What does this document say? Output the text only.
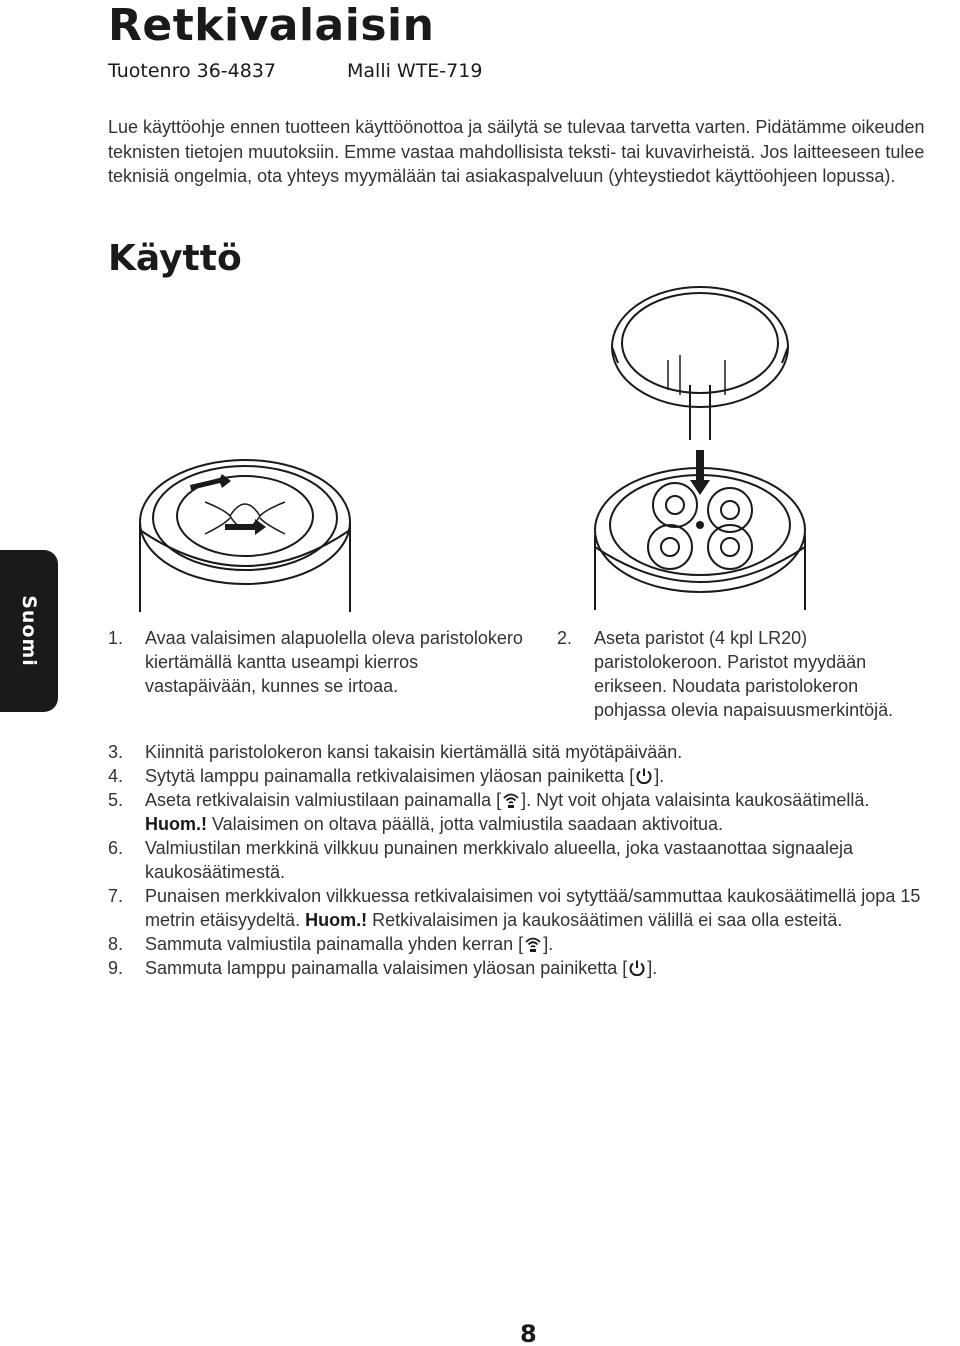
Retkivalaisin
Tuotenro 36-4837	Malli WTE-719
Lue käyttöohje ennen tuotteen käyttöönottoa ja säilytä se tulevaa tarvetta varten. Pidätämme oikeuden teknisten tietojen muutoksiin. Emme vastaa mahdollisista teksti- tai kuvavirheistä. Jos laitteeseen tulee teknisiä ongelmia, ota yhteys myymälään tai asiakaspalveluun (yhteystiedot käyttöohjeen lopussa).
Käyttö
Suomi	1. Avaa valaisimen alapuolella oleva paristolokero kiertämällä kantta useampi kierros vastapäivään, kunnes se irtoaa.
2. Aseta paristot (4 kpl LR20) paristolokeroon. Paristot myydään erikseen. Noudata paristolokeron pohjassa olevia napaisuusmerkintöjä.
3. Kiinnitä paristolokeron kansi takaisin kiertämällä sitä myötäpäivään.
4. Sytytä lamppu painamalla retkivalaisimen yläosan painiketta [ ].
5. Aseta retkivalaisin valmiustilaan painamalla [ ]. Nyt voit ohjata valaisinta kaukosäätimellä.
Huom.! Valaisimen on oltava päällä, jotta valmiustila saadaan aktivoitua.
6. Valmiustilan merkkinä vilkkuu punainen merkkivalo alueella, joka vastaanottaa signaaleja kaukosäätimestä.
7. Punaisen merkkivalon vilkkuessa retkivalaisimen voi sytyttää/sammuttaa kaukosäätimellä jopa 15 metrin etäisyydeltä. Huom.! Retkivalaisimen ja kaukosäätimen välillä ei saa olla esteitä.
8. Sammuta valmiustila painamalla yhden kerran [ ].
9. Sammuta lamppu painamalla valaisimen yläosan painiketta [ ].
8
